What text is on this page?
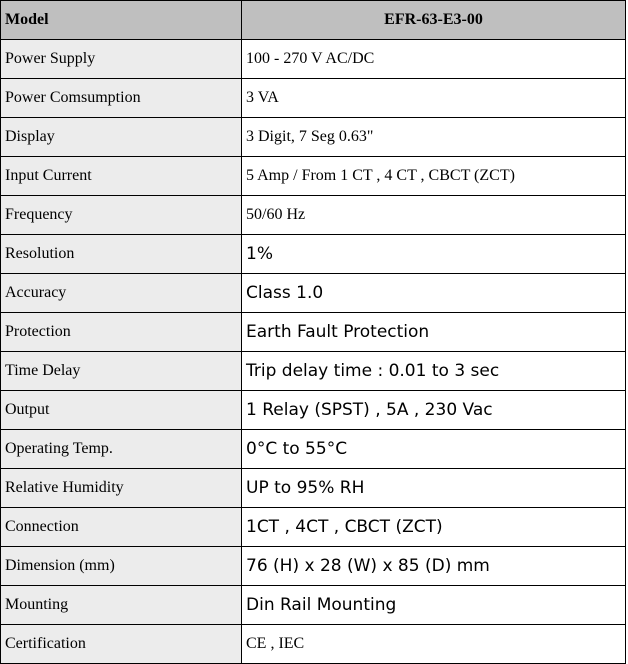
Model	EFR-63-E3-00
Power Supply	100 - 270 V AC/DC
Power Comsumption	3 VA
Display	3 Digit, 7 Seg 0.63"
Input Current	5 Amp / From 1 CT , 4 CT , CBCT (ZCT)
Frequency	50/60 Hz
Resolution	1%
Accuracy	Class 1.0
Protection	Earth Fault Protection
Time Delay	Trip delay time : 0.01 to 3 sec
Output	1 Relay (SPST) , 5A , 230 Vac
Operating Temp.	0°C to 55°C
Relative Humidity	UP to 95% RH
Connection	1CT , 4CT , CBCT (ZCT)
Dimension (mm)	76 (H) x 28 (W) x 85 (D) mm
Mounting	Din Rail Mounting
Certification	CE , IEC
